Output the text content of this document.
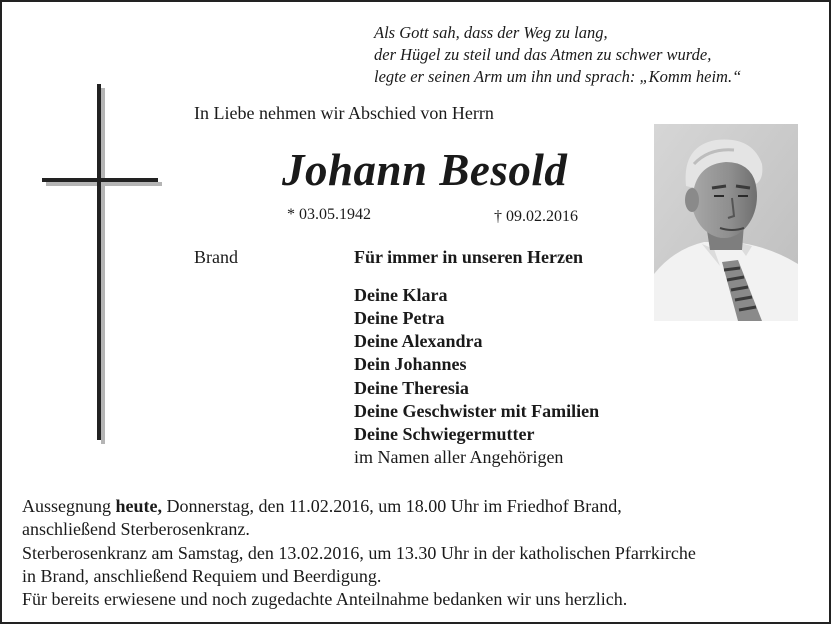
Als Gott sah, dass der Weg zu lang,
der Hügel zu steil und das Atmen zu schwer wurde,
legte er seinen Arm um ihn und sprach: „Komm heim.“
In Liebe nehmen wir Abschied von Herrn
Johann Besold
* 03.05.1942	† 09.02.2016
Brand	Für immer in unseren Herzen
Deine Klara
Deine Petra
Deine Alexandra
Dein Johannes
Deine Theresia
Deine Geschwister mit Familien
Deine Schwiegermutter
im Namen aller Angehörigen
Aussegnung heute, Donnerstag, den 11.02.2016, um 18.00 Uhr im Friedhof Brand,
anschließend Sterberosenkranz.
Sterberosenkranz am Samstag, den 13.02.2016, um 13.30 Uhr in der katholischen Pfarrkirche
in Brand, anschließend Requiem und Beerdigung.
Für bereits erwiesene und noch zugedachte Anteilnahme bedanken wir uns herzlich.
